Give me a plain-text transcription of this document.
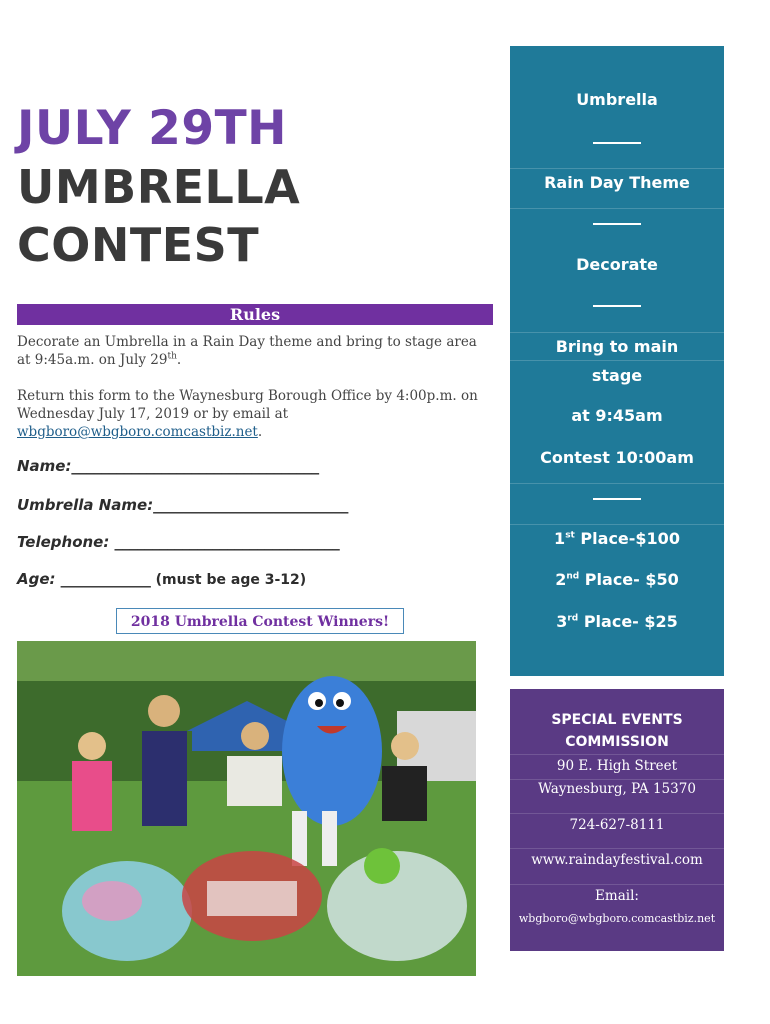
JULY 29TH
UMBRELLA
CONTEST
Rules

Decorate an Umbrella in a Rain Day theme and bring to stage area at 9:45a.m. on July 29th.

Return this form to the Waynesburg Borough Office by 4:00p.m. on Wednesday July 17, 2019 or by email at wbgboro@wbgboro.comcastbiz.net.

Name:_________________________________
Umbrella Name:__________________________
Telephone: ______________________________
Age: ____________ (must be age 3-12)
2018 Umbrella Contest Winners!
Umbrella
Rain Day Theme
Decorate
Bring to main
stage
at 9:45am
Contest 10:00am
1st Place-$100
2nd Place- $50
3rd Place- $25
SPECIAL EVENTS
COMMISSION
90 E. High Street
Waynesburg, PA 15370
724-627-8111
www.raindayfestival.com
Email:
wbgboro@wbgboro.comcastbiz.net
